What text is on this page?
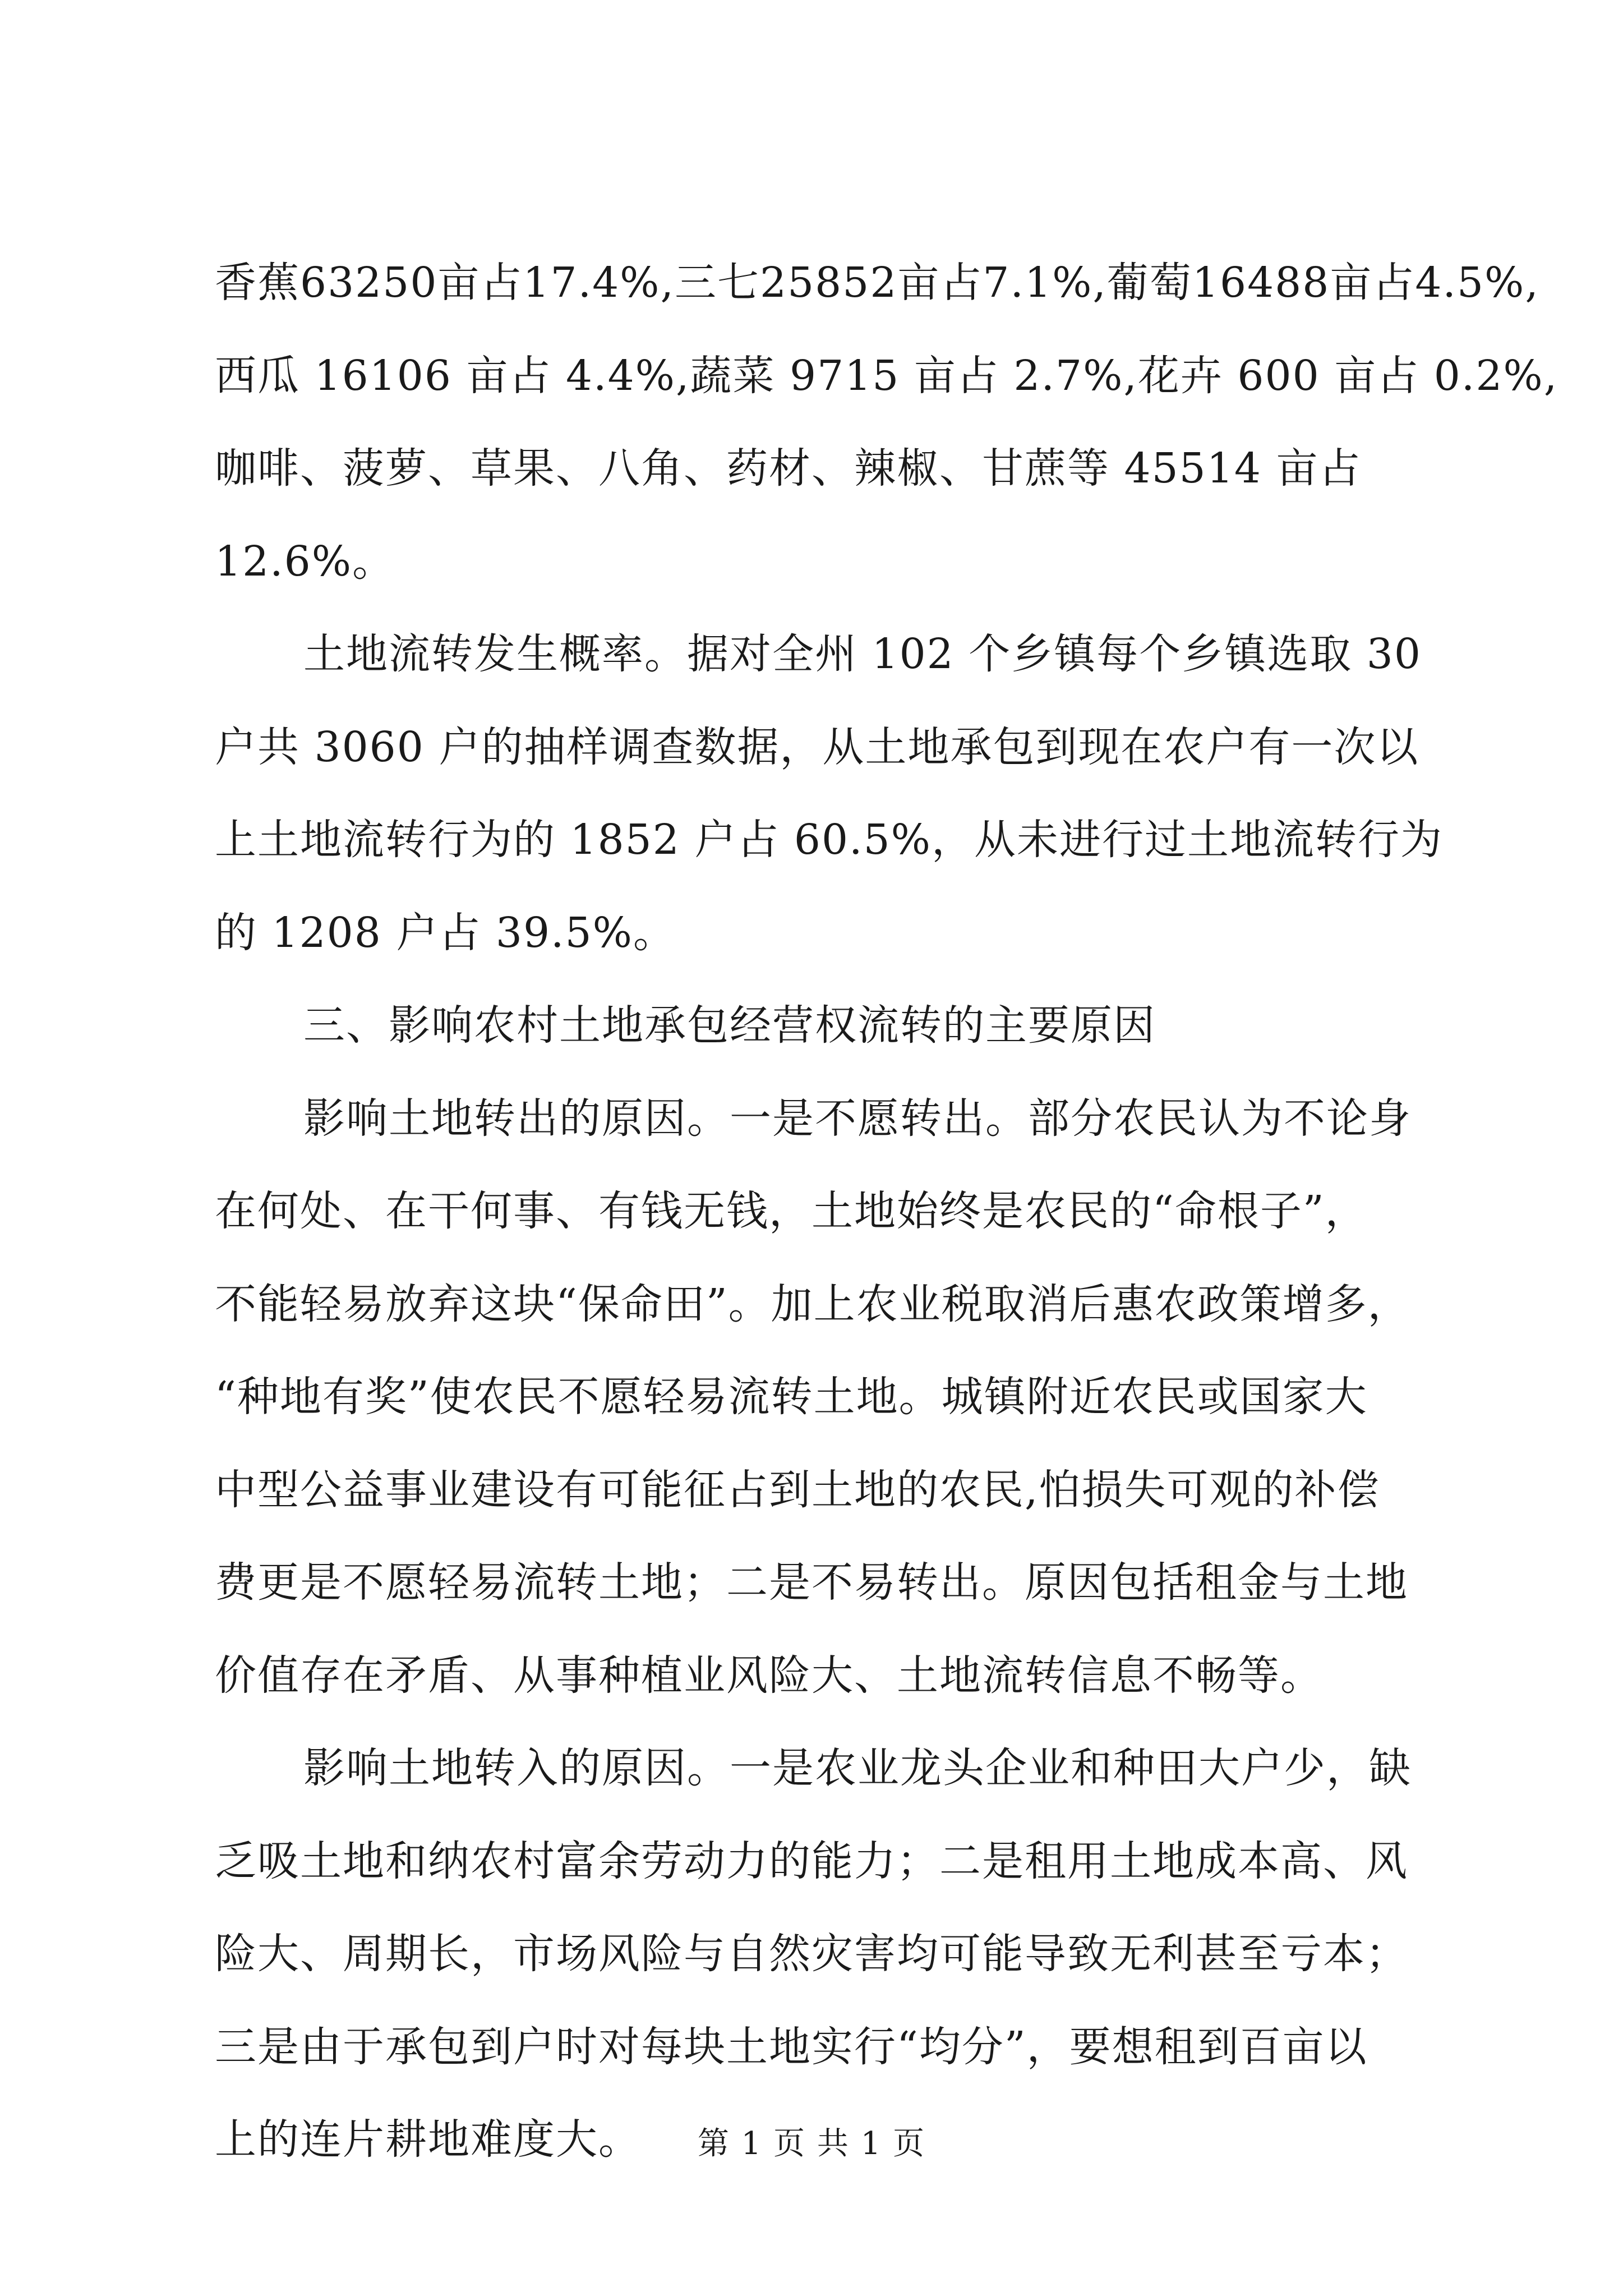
香蕉63250亩占17.4%,三七25852亩占7.1%,葡萄16488亩占4.5%,
西瓜 16106 亩占 4.4%,蔬菜 9715 亩占 2.7%,花卉 600 亩占 0.2%,
咖啡、菠萝、草果、八角、药材、辣椒、甘蔗等 45514 亩占
12.6%。
土地流转发生概率。据对全州 102 个乡镇每个乡镇选取 30
户共 3060 户的抽样调查数据，从土地承包到现在农户有一次以
上土地流转行为的 1852 户占 60.5%，从未进行过土地流转行为
的 1208 户占 39.5%。
三、影响农村土地承包经营权流转的主要原因
影响土地转出的原因。一是不愿转出。部分农民认为不论身
在何处、在干何事、有钱无钱，土地始终是农民的“命根子”，
不能轻易放弃这块“保命田”。加上农业税取消后惠农政策增多，
“种地有奖”使农民不愿轻易流转土地。城镇附近农民或国家大
中型公益事业建设有可能征占到土地的农民,怕损失可观的补偿
费更是不愿轻易流转土地；二是不易转出。原因包括租金与土地
价值存在矛盾、从事种植业风险大、土地流转信息不畅等。
影响土地转入的原因。一是农业龙头企业和种田大户少，缺
乏吸土地和纳农村富余劳动力的能力；二是租用土地成本高、风
险大、周期长，市场风险与自然灾害均可能导致无利甚至亏本；
三是由于承包到户时对每块土地实行“均分”，要想租到百亩以
上的连片耕地难度大。	第 1 页 共 1 页
